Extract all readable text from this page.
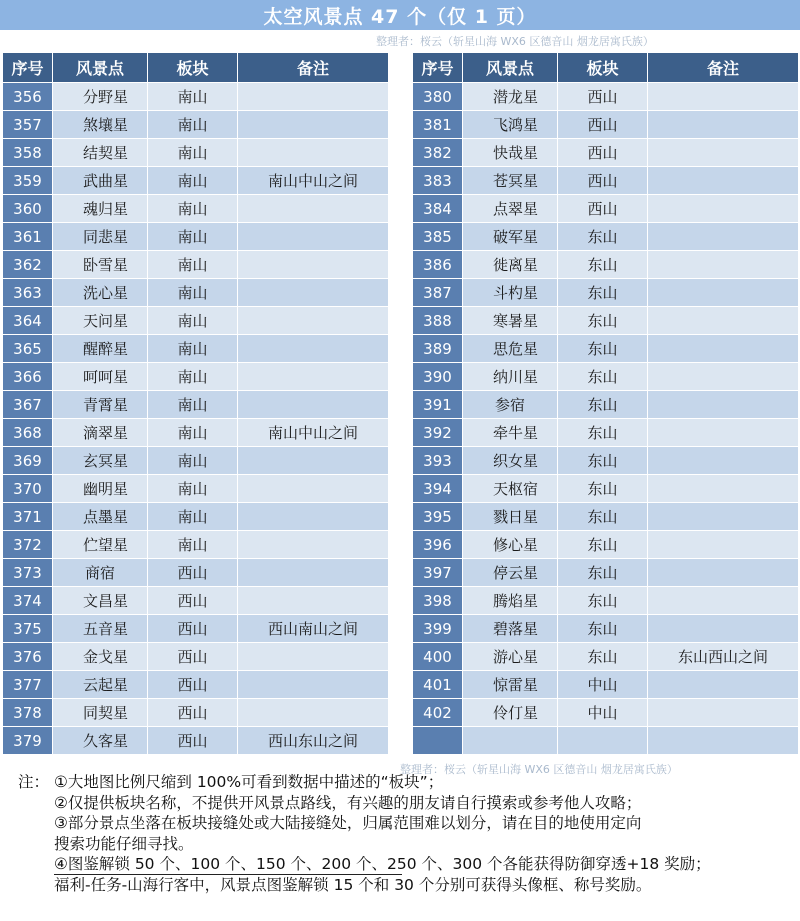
太空风景点 47 个（仅 1 页）
整理者：桜云（斩星山海 WX6 区德音山 烟龙居寓氏族）
序号	风景点	板块	备注
356	分野星	南山	
357	煞壤星	南山	
358	结契星	南山	
359	武曲星	南山	南山中山之间
360	魂归星	南山	
361	同悲星	南山	
362	卧雪星	南山	
363	洗心星	南山	
364	天问星	南山	
365	醒醉星	南山	
366	呵呵星	南山	
367	青霄星	南山	
368	滴翠星	南山	南山中山之间
369	玄冥星	南山	
370	幽明星	南山	
371	点墨星	南山	
372	伫望星	南山	
373	商宿	西山	
374	文昌星	西山	
375	五音星	西山	西山南山之间
376	金戈星	西山	
377	云起星	西山	
378	同契星	西山	
379	久客星	西山	西山东山之间
序号	风景点	板块	备注
380	潜龙星	西山	
381	飞鸿星	西山	
382	快哉星	西山	
383	苍冥星	西山	
384	点翠星	西山	
385	破军星	东山	
386	徙离星	东山	
387	斗杓星	东山	
388	寒暑星	东山	
389	思危星	东山	
390	纳川星	东山	
391	参宿	东山	
392	牵牛星	东山	
393	织女星	东山	
394	天枢宿	东山	
395	戮日星	东山	
396	修心星	东山	
397	停云星	东山	
398	腾焰星	东山	
399	碧落星	东山	
400	游心星	东山	东山西山之间
401	惊雷星	中山	
402	伶仃星	中山	

整理者：桜云（斩星山海 WX6 区德音山 烟龙居寓氏族）
注： ①大地图比例尺缩到 100%可看到数据中描述的“板块”；
②仅提供板块名称，不提供开风景点路线，有兴趣的朋友请自行摸索或参考他人攻略；
③部分景点坐落在板块接缝处或大陆接缝处，归属范围难以划分，请在目的地使用定向
搜索功能仔细寻找。
④图鉴解锁 50 个、100 个、150 个、200 个、250 个、300 个各能获得防御穿透+18 奖励；
福利-任务-山海行客中，风景点图鉴解锁 15 个和 30 个分别可获得头像框、称号奖励。
